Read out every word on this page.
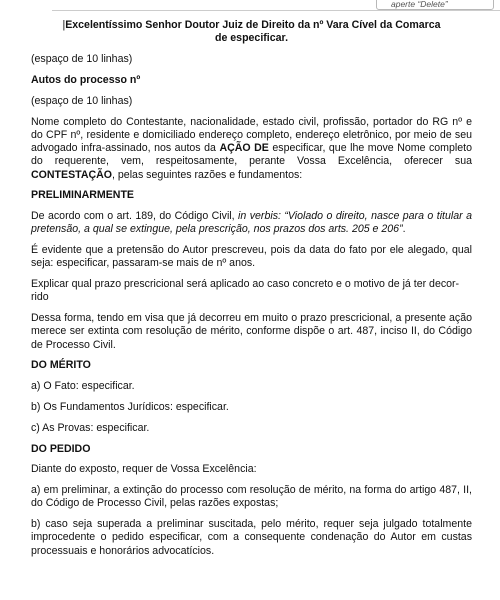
aperte “Delete”
|Excelentíssimo Senhor Doutor Juiz de Direito da nº Vara Cível da Comarca
de especificar.

(espaço de 10 linhas)

Autos do processo nº

(espaço de 10 linhas)

Nome completo do Contestante, nacionalidade, estado civil, profissão, portador do RG nº e do CPF nº, residente e domiciliado endereço completo, endereço eletrônico, por meio de seu advogado infra-assinado, nos autos da AÇÃO DE especificar, que lhe move Nome completo do requerente, vem, respeitosamente, perante Vossa Excelência, oferecer sua CONTESTAÇÃO, pelas seguintes razões e fundamentos:

PRELIMINARMENTE

De acordo com o art. 189, do Código Civil, in verbis: “Violado o direito, nasce para o titular a pretensão, a qual se extingue, pela prescrição, nos prazos dos arts. 205 e 206”.

É evidente que a pretensão do Autor prescreveu, pois da data do fato por ele alegado, qual seja: especificar, passaram-se mais de nº anos.

Explicar qual prazo prescricional será aplicado ao caso concreto e o motivo de já ter decor-rido

Dessa forma, tendo em visa que já decorreu em muito o prazo prescricional, a presente ação merece ser extinta com resolução de mérito, conforme dispõe o art. 487, inciso II, do Código de Processo Civil.

DO MÉRITO

a) O Fato: especificar.

b) Os Fundamentos Jurídicos: especificar.

c) As Provas: especificar.

DO PEDIDO

Diante do exposto, requer de Vossa Excelência:

a) em preliminar, a extinção do processo com resolução de mérito, na forma do artigo 487, II, do Código de Processo Civil, pelas razões expostas;

b) caso seja superada a preliminar suscitada, pelo mérito, requer seja julgado totalmente improcedente o pedido especificar, com a consequente condenação do Autor em custas processuais e honorários advocatícios.
